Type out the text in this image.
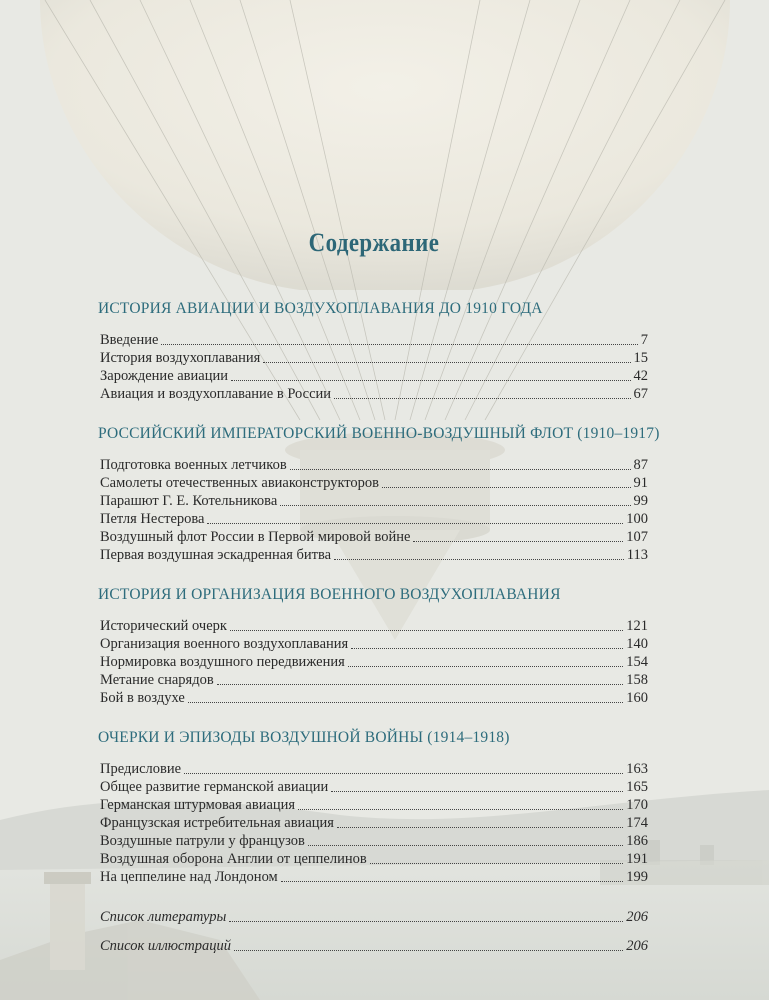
Содержание
ИСТОРИЯ АВИАЦИИ И ВОЗДУХОПЛАВАНИЯ ДО 1910 ГОДА
Введение	7
История воздухоплавания	15
Зарождение авиации	42
Авиация и воздухоплавание в России	67
РОССИЙСКИЙ ИМПЕРАТОРСКИЙ ВОЕННО-ВОЗДУШНЫЙ ФЛОТ (1910–1917)
Подготовка военных летчиков	87
Самолеты отечественных авиаконструкторов	91
Парашют Г. Е. Котельникова	99
Петля Нестерова	100
Воздушный флот России в Первой мировой войне	107
Первая воздушная эскадренная битва	113
ИСТОРИЯ И ОРГАНИЗАЦИЯ ВОЕННОГО ВОЗДУХОПЛАВАНИЯ
Исторический очерк	121
Организация военного воздухоплавания	140
Нормировка воздушного передвижения	154
Метание снарядов	158
Бой в воздухе	160
ОЧЕРКИ И ЭПИЗОДЫ ВОЗДУШНОЙ ВОЙНЫ (1914–1918)
Предисловие	163
Общее развитие германской авиации	165
Германская штурмовая авиация	170
Французская истребительная авиация	174
Воздушные патрули у французов	186
Воздушная оборона Англии от цеппелинов	191
На цеппелине над Лондоном	199
Список литературы	206
Список иллюстраций	206
